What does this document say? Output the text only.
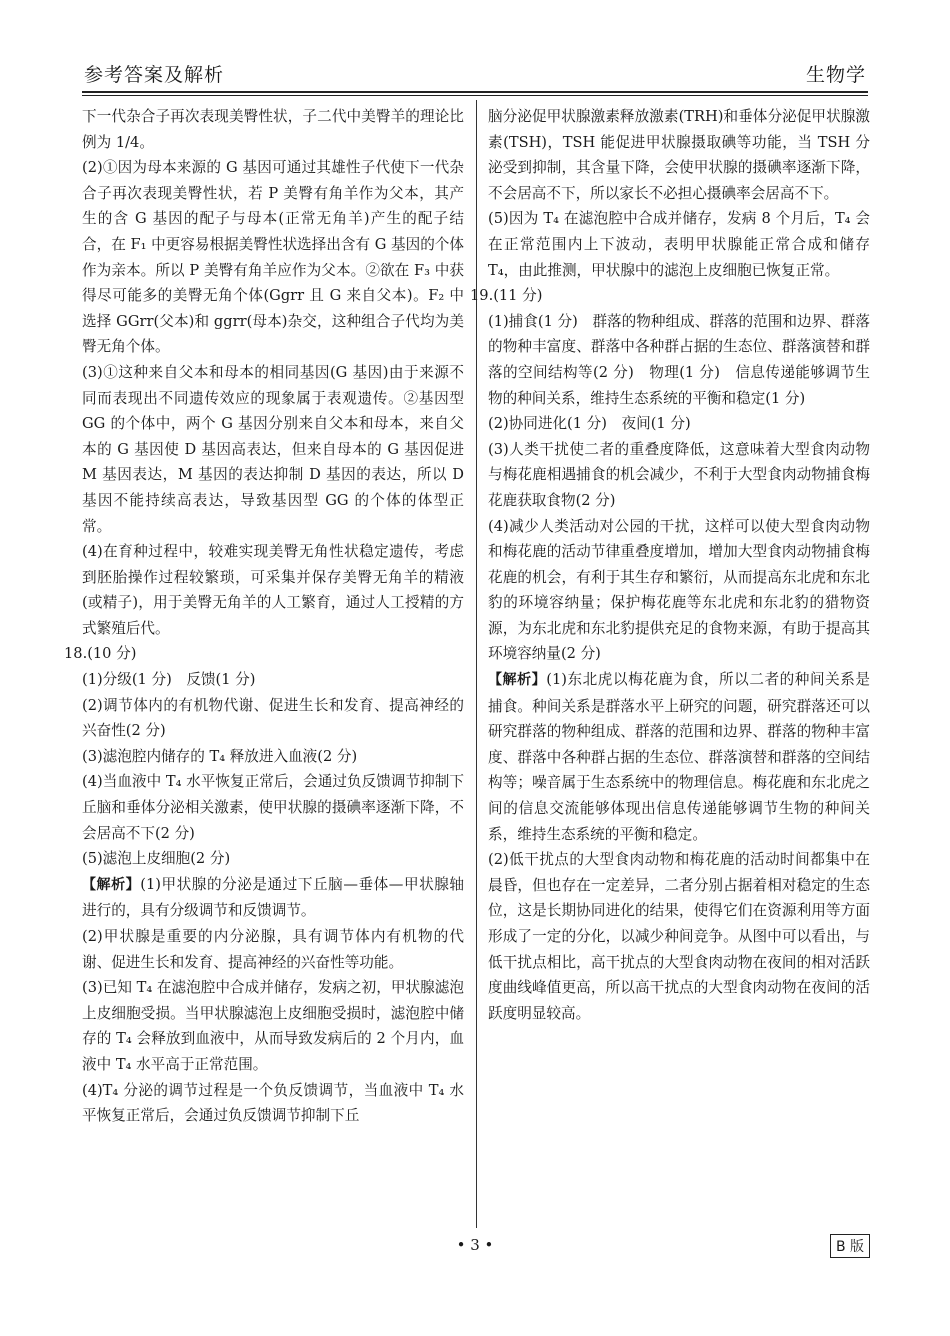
参考答案及解析	生物学

下一代杂合子再次表现美臀性状，子二代中美臀羊的理论比例为 1/4。

(2)①因为母本来源的 G 基因可通过其雄性子代使下一代杂合子再次表现美臀性状，若 P 美臀有角羊作为父本，其产生的含 G 基因的配子与母本(正常无角羊)产生的配子结合，在 F₁ 中更容易根据美臀性状选择出含有 G 基因的个体作为亲本。所以 P 美臀有角羊应作为父本。②欲在 F₃ 中获得尽可能多的美臀无角个体(Ggrr 且 G 来自父本)。F₂ 中选择 GGrr(父本)和 ggrr(母本)杂交，这种组合子代均为美臀无角个体。

(3)①这种来自父本和母本的相同基因(G 基因)由于来源不同而表现出不同遗传效应的现象属于表观遗传。②基因型 GG 的个体中，两个 G 基因分别来自父本和母本，来自父本的 G 基因使 D 基因高表达，但来自母本的 G 基因促进 M 基因表达，M 基因的表达抑制 D 基因的表达，所以 D 基因不能持续高表达，导致基因型 GG 的个体的体型正常。

(4)在育种过程中，较难实现美臀无角性状稳定遗传，考虑到胚胎操作过程较繁琐，可采集并保存美臀无角羊的精液(或精子)，用于美臀无角羊的人工繁育，通过人工授精的方式繁殖后代。

18.(10 分)

(1)分级(1 分)　反馈(1 分)

(2)调节体内的有机物代谢、促进生长和发育、提高神经的兴奋性(2 分)

(3)滤泡腔内储存的 T₄ 释放进入血液(2 分)

(4)当血液中 T₄ 水平恢复正常后，会通过负反馈调节抑制下丘脑和垂体分泌相关激素，使甲状腺的摄碘率逐渐下降，不会居高不下(2 分)

(5)滤泡上皮细胞(2 分)

【解析】(1)甲状腺的分泌是通过下丘脑—垂体—甲状腺轴进行的，具有分级调节和反馈调节。

(2)甲状腺是重要的内分泌腺，具有调节体内有机物的代谢、促进生长和发育、提高神经的兴奋性等功能。

(3)已知 T₄ 在滤泡腔中合成并储存，发病之初，甲状腺滤泡上皮细胞受损。当甲状腺滤泡上皮细胞受损时，滤泡腔中储存的 T₄ 会释放到血液中，从而导致发病后的 2 个月内，血液中 T₄ 水平高于正常范围。

(4)T₄ 分泌的调节过程是一个负反馈调节，当血液中 T₄ 水平恢复正常后，会通过负反馈调节抑制下丘

脑分泌促甲状腺激素释放激素(TRH)和垂体分泌促甲状腺激素(TSH)，TSH 能促进甲状腺摄取碘等功能，当 TSH 分泌受到抑制，其含量下降，会使甲状腺的摄碘率逐渐下降，不会居高不下，所以家长不必担心摄碘率会居高不下。

(5)因为 T₄ 在滤泡腔中合成并储存，发病 8 个月后，T₄ 会在正常范围内上下波动，表明甲状腺能正常合成和储存 T₄，由此推测，甲状腺中的滤泡上皮细胞已恢复正常。

19.(11 分)

(1)捕食(1 分)　群落的物种组成、群落的范围和边界、群落的物种丰富度、群落中各种群占据的生态位、群落演替和群落的空间结构等(2 分)　物理(1 分)　信息传递能够调节生物的种间关系，维持生态系统的平衡和稳定(1 分)

(2)协同进化(1 分)　夜间(1 分)

(3)人类干扰使二者的重叠度降低，这意味着大型食肉动物与梅花鹿相遇捕食的机会减少，不利于大型食肉动物捕食梅花鹿获取食物(2 分)

(4)减少人类活动对公园的干扰，这样可以使大型食肉动物和梅花鹿的活动节律重叠度增加，增加大型食肉动物捕食梅花鹿的机会，有利于其生存和繁衍，从而提高东北虎和东北豹的环境容纳量；保护梅花鹿等东北虎和东北豹的猎物资源，为东北虎和东北豹提供充足的食物来源，有助于提高其环境容纳量(2 分)

【解析】(1)东北虎以梅花鹿为食，所以二者的种间关系是捕食。种间关系是群落水平上研究的问题，研究群落还可以研究群落的物种组成、群落的范围和边界、群落的物种丰富度、群落中各种群占据的生态位、群落演替和群落的空间结构等；噪音属于生态系统中的物理信息。梅花鹿和东北虎之间的信息交流能够体现出信息传递能够调节生物的种间关系，维持生态系统的平衡和稳定。

(2)低干扰点的大型食肉动物和梅花鹿的活动时间都集中在晨昏，但也存在一定差异，二者分别占据着相对稳定的生态位，这是长期协同进化的结果，使得它们在资源利用等方面形成了一定的分化，以减少种间竞争。从图中可以看出，与低干扰点相比，高干扰点的大型食肉动物在夜间的相对活跃度曲线峰值更高，所以高干扰点的大型食肉动物在夜间的活跃度明显较高。

• 3 •	B 版
